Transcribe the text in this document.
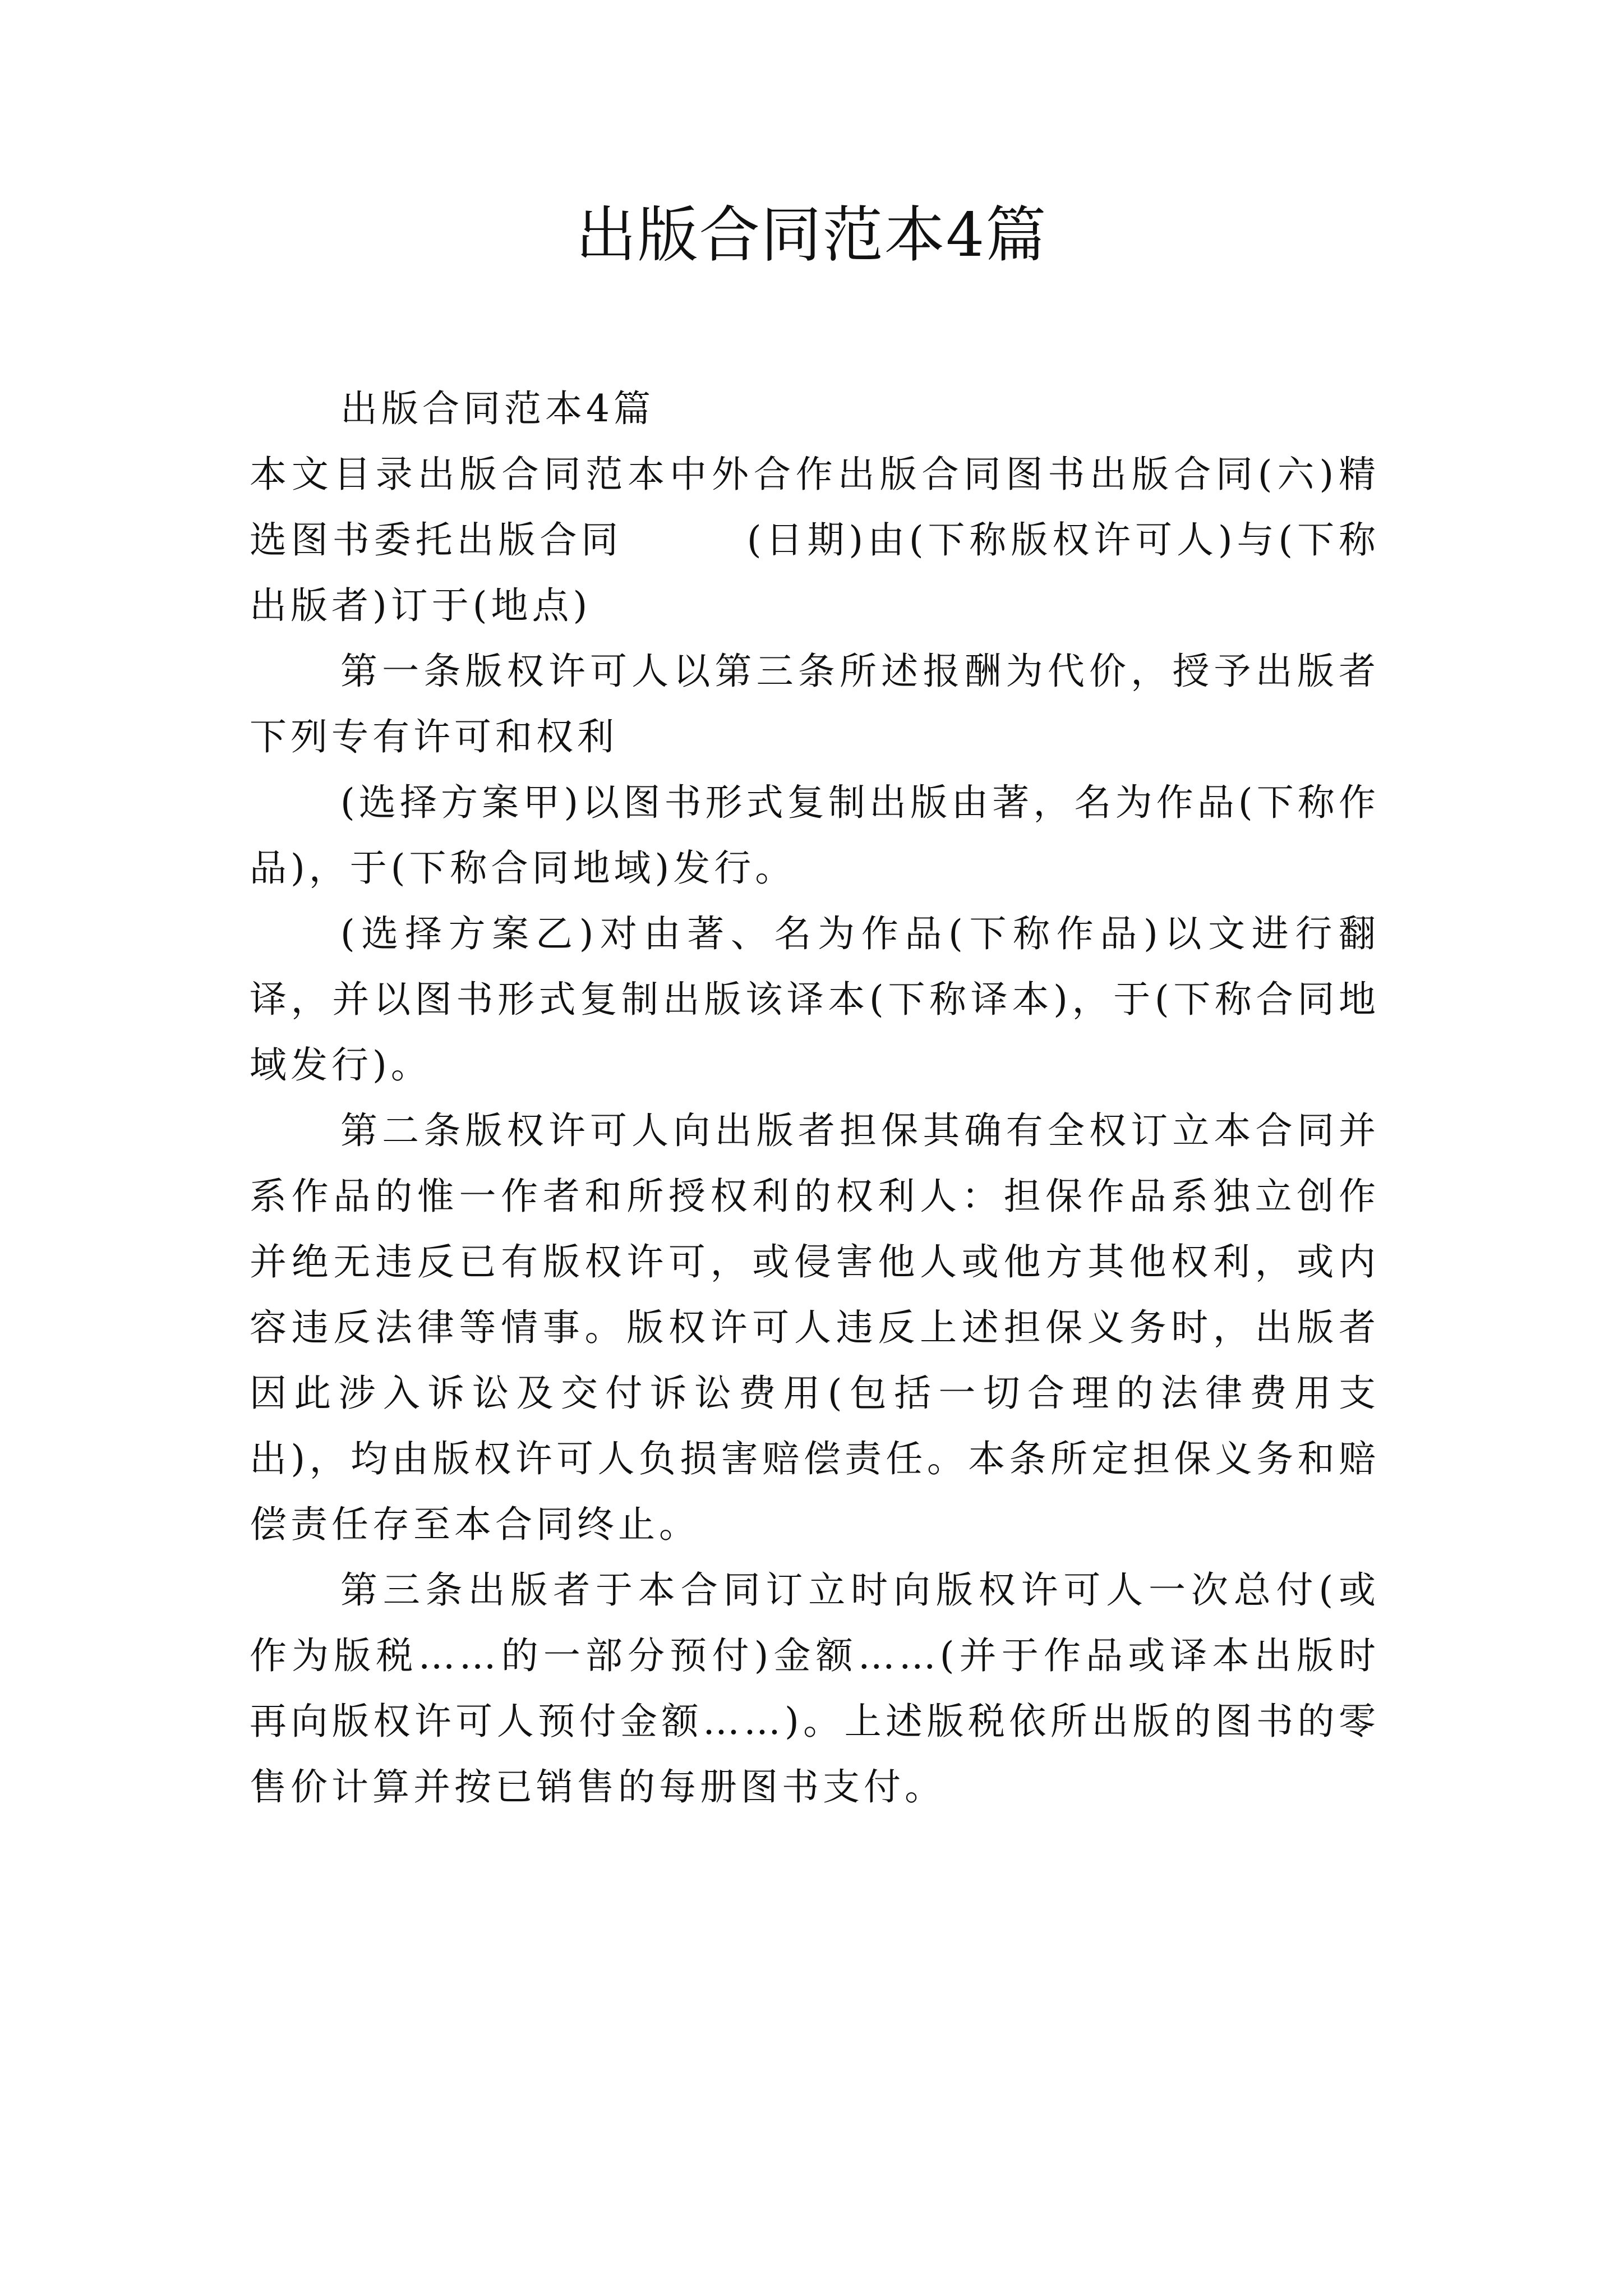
出版合同范本4篇

出版合同范本4篇

本文目录出版合同范本中外合作出版合同图书出版合同(六)精选图书委托出版合同　　　(日期)由(下称版权许可人)与(下称出版者)订于(地点)

第一条版权许可人以第三条所述报酬为代价，授予出版者下列专有许可和权利

(选择方案甲)以图书形式复制出版由著，名为作品(下称作品)，于(下称合同地域)发行。

(选择方案乙)对由著、名为作品(下称作品)以文进行翻译，并以图书形式复制出版该译本(下称译本)，于(下称合同地域发行)。

第二条版权许可人向出版者担保其确有全权订立本合同并系作品的惟一作者和所授权利的权利人：担保作品系独立创作并绝无违反已有版权许可，或侵害他人或他方其他权利，或内容违反法律等情事。版权许可人违反上述担保义务时，出版者因此涉入诉讼及交付诉讼费用(包括一切合理的法律费用支出)，均由版权许可人负损害赔偿责任。本条所定担保义务和赔偿责任存至本合同终止。

第三条出版者于本合同订立时向版权许可人一次总付(或作为版税……的一部分预付)金额……(并于作品或译本出版时再向版权许可人预付金额……)。上述版税依所出版的图书的零售价计算并按已销售的每册图书支付。
